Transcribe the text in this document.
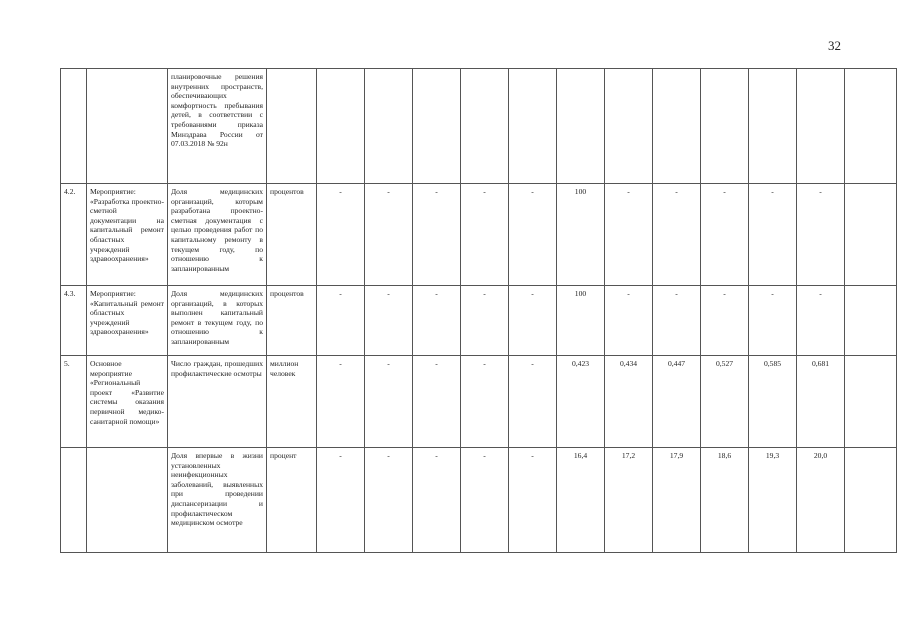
32
		планировочные решения внутренних пространств, обеспечивающих комфортность пребывания детей, в соответствии с требованиями приказа Минздрава России от 07.03.2018 № 92н													
4.2.	Мероприятие: «Разработка проектно-сметной документации на капитальный ремонт областных учреждений здравоохранения»	Доля медицинских организаций, которым разработана проектно-сметная документация с целью проведения работ по капитальному ремонту в текущем году, по отношению к запланированным	процентов	-	-	-	-	-	100	-	-	-	-	-	
4.3.	Мероприятие: «Капитальный ремонт областных учреждений здравоохранения»	Доля медицинских организаций, в которых выполнен капитальный ремонт в текущем году, по отношению к запланированным	процентов	-	-	-	-	-	100	-	-	-	-	-	
5.	Основное мероприятие «Региональный проект «Развитие системы оказания первичной медико-санитарной помощи»	Число граждан, прошедших профилактические осмотры	миллион человек	-	-	-	-	-	0,423	0,434	0,447	0,527	0,585	0,681	
		Доля впервые в жизни установленных неинфекционных заболеваний, выявленных при проведении диспансеризации и профилактическом медицинском осмотре	процент	-	-	-	-	-	16,4	17,2	17,9	18,6	19,3	20,0	
